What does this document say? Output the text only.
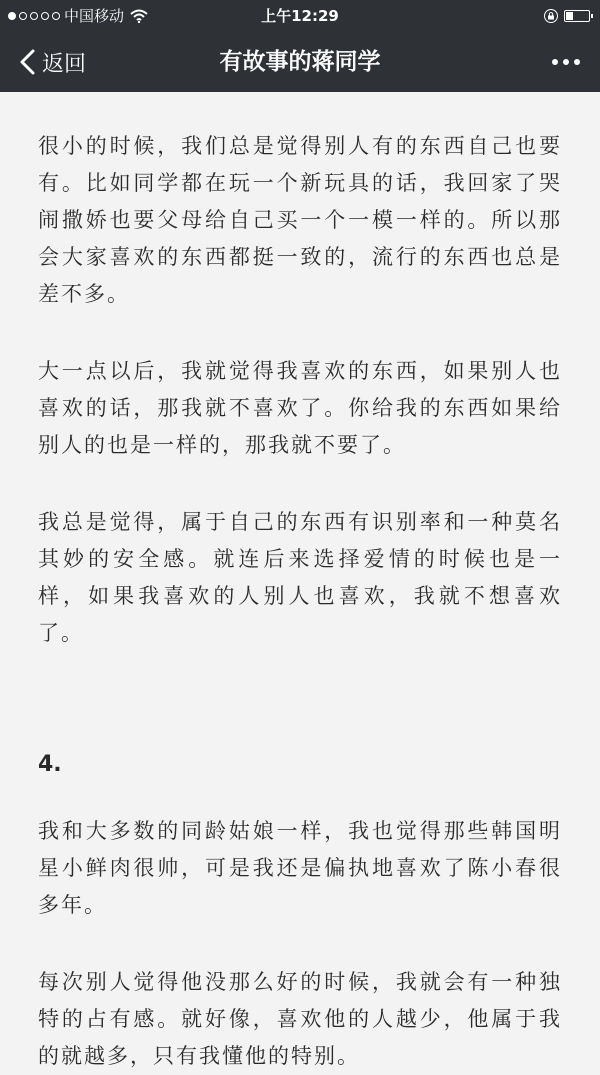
中国移动	上午12:29
返回	有故事的蒋同学

很小的时候，我们总是觉得别人有的东西自己也要有。比如同学都在玩一个新玩具的话，我回家了哭闹撒娇也要父母给自己买一个一模一样的。所以那会大家喜欢的东西都挺一致的，流行的东西也总是差不多。

大一点以后，我就觉得我喜欢的东西，如果别人也喜欢的话，那我就不喜欢了。你给我的东西如果给别人的也是一样的，那我就不要了。

我总是觉得，属于自己的东西有识别率和一种莫名其妙的安全感。就连后来选择爱情的时候也是一样，如果我喜欢的人别人也喜欢，我就不想喜欢了。

4.

我和大多数的同龄姑娘一样，我也觉得那些韩国明星小鲜肉很帅，可是我还是偏执地喜欢了陈小春很多年。

每次别人觉得他没那么好的时候，我就会有一种独特的占有感。就好像，喜欢他的人越少，他属于我的就越多，只有我懂他的特别。
